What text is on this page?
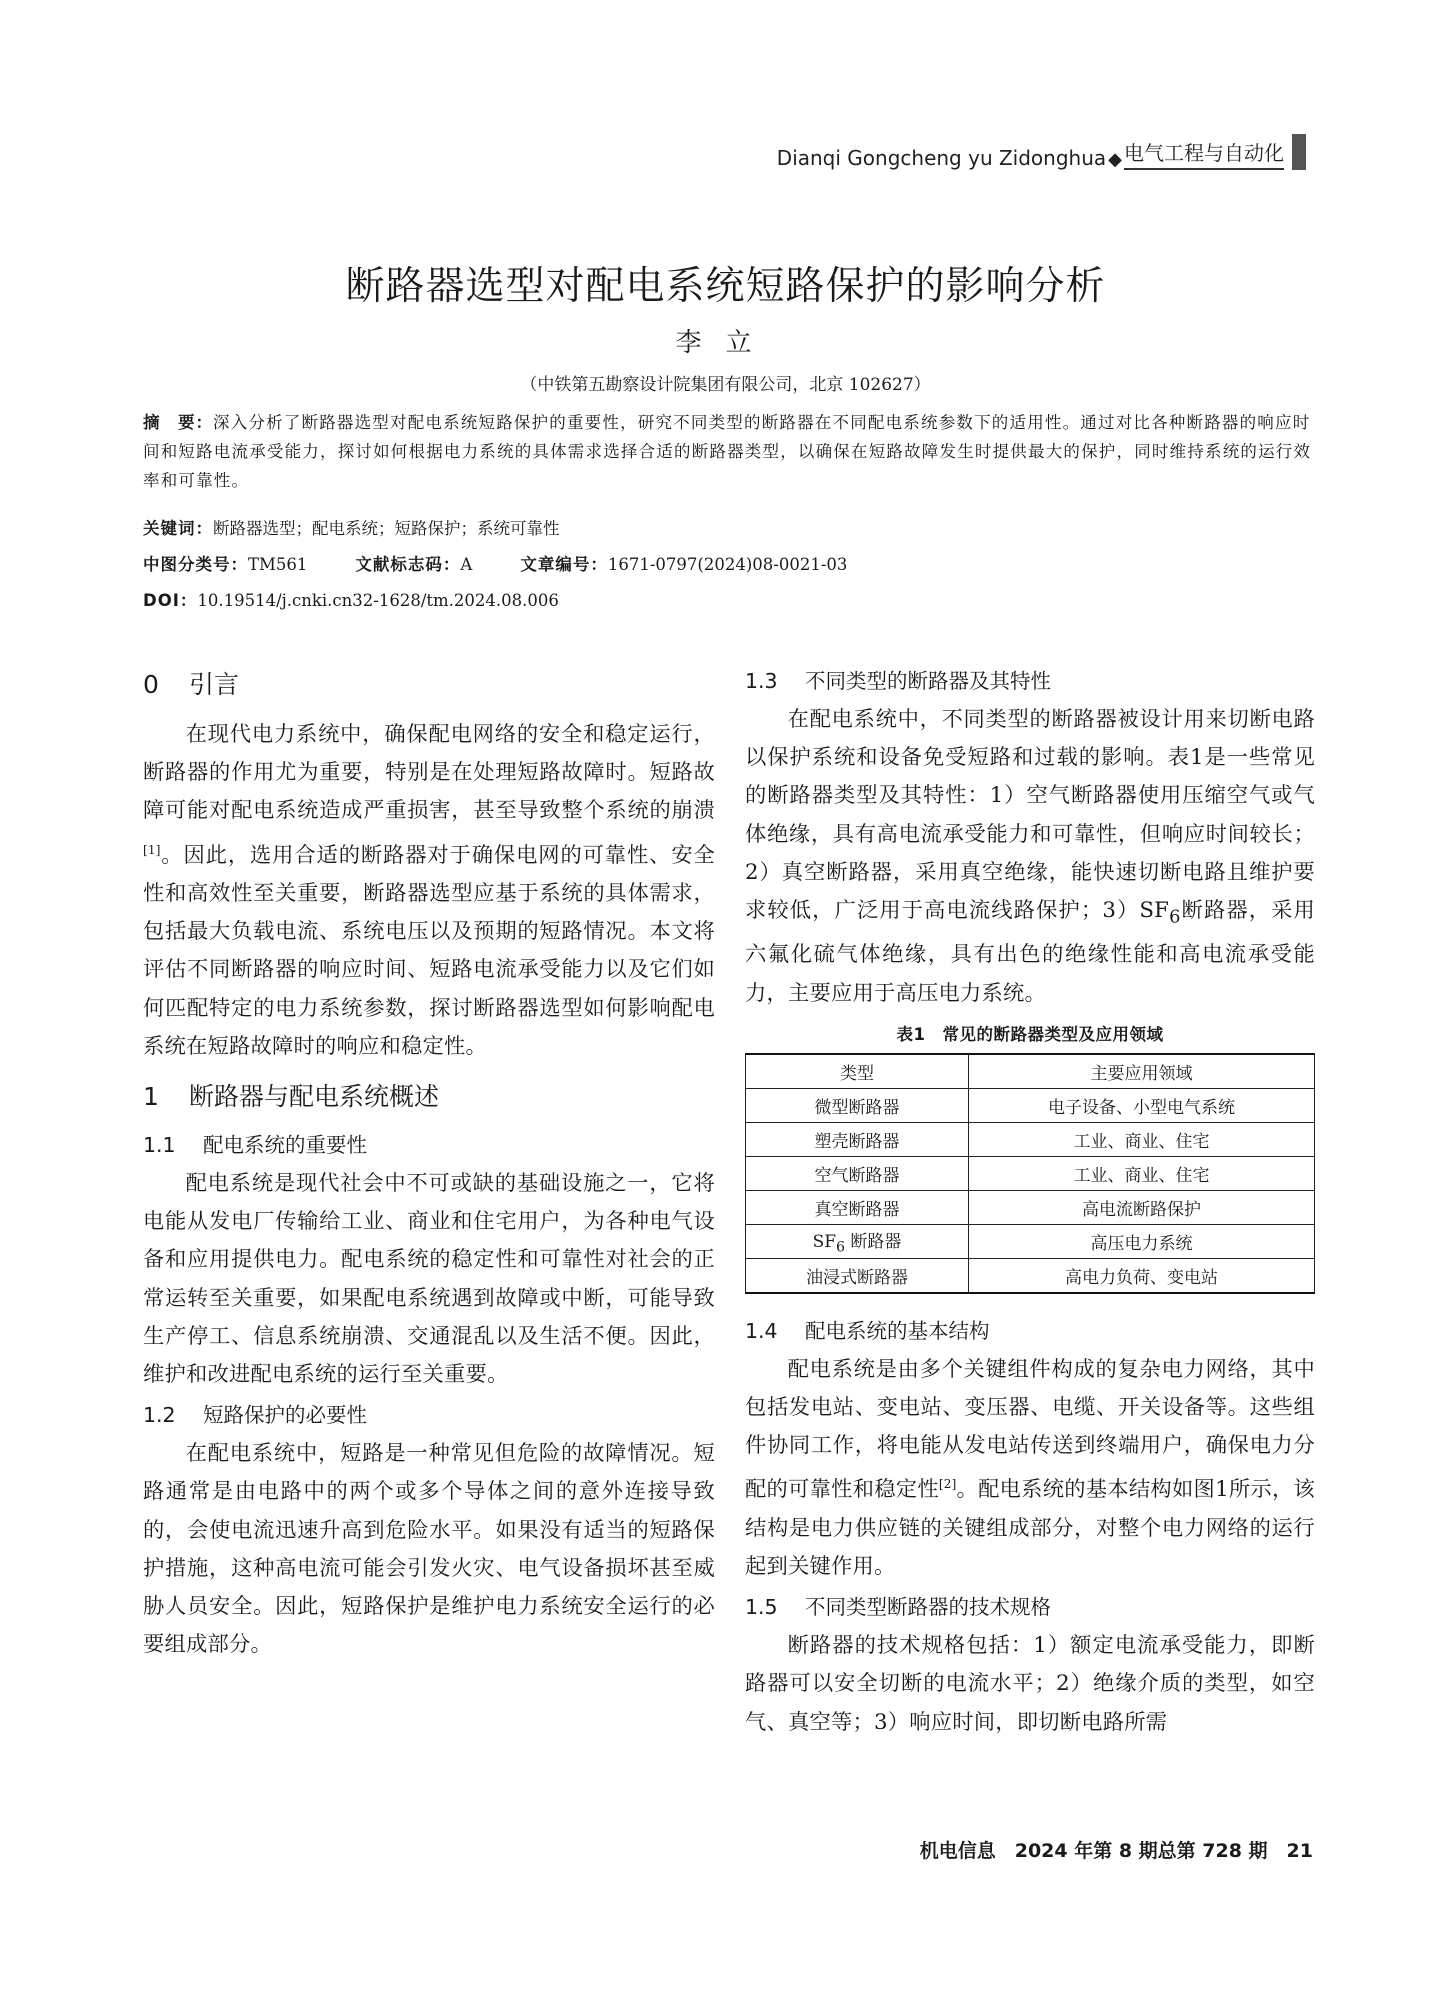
Dianqi Gongcheng yu Zidonghua ◆ 电气工程与自动化
断路器选型对配电系统短路保护的影响分析
李立
（中铁第五勘察设计院集团有限公司，北京 102627）
摘　要：深入分析了断路器选型对配电系统短路保护的重要性，研究不同类型的断路器在不同配电系统参数下的适用性。通过对比各种断路器的响应时间和短路电流承受能力，探讨如何根据电力系统的具体需求选择合适的断路器类型，以确保在短路故障发生时提供最大的保护，同时维持系统的运行效率和可靠性。
关键词：断路器选型；配电系统；短路保护；系统可靠性
中图分类号：TM561	文献标志码：A	文章编号：1671-0797(2024)08-0021-03
DOI：10.19514/j.cnki.cn32-1628/tm.2024.08.006
0 引言

在现代电力系统中，确保配电网络的安全和稳定运行，断路器的作用尤为重要，特别是在处理短路故障时。短路故障可能对配电系统造成严重损害，甚至导致整个系统的崩溃[1]。因此，选用合适的断路器对于确保电网的可靠性、安全性和高效性至关重要，断路器选型应基于系统的具体需求，包括最大负载电流、系统电压以及预期的短路情况。本文将评估不同断路器的响应时间、短路电流承受能力以及它们如何匹配特定的电力系统参数，探讨断路器选型如何影响配电系统在短路故障时的响应和稳定性。

1 断路器与配电系统概述
1.1 配电系统的重要性

配电系统是现代社会中不可或缺的基础设施之一，它将电能从发电厂传输给工业、商业和住宅用户，为各种电气设备和应用提供电力。配电系统的稳定性和可靠性对社会的正常运转至关重要，如果配电系统遇到故障或中断，可能导致生产停工、信息系统崩溃、交通混乱以及生活不便。因此，维护和改进配电系统的运行至关重要。

1.2 短路保护的必要性

在配电系统中，短路是一种常见但危险的故障情况。短路通常是由电路中的两个或多个导体之间的意外连接导致的，会使电流迅速升高到危险水平。如果没有适当的短路保护措施，这种高电流可能会引发火灾、电气设备损坏甚至威胁人员安全。因此，短路保护是维护电力系统安全运行的必要组成部分。

1.3 不同类型的断路器及其特性

在配电系统中，不同类型的断路器被设计用来切断电路以保护系统和设备免受短路和过载的影响。表1是一些常见的断路器类型及其特性：1）空气断路器使用压缩空气或气体绝缘，具有高电流承受能力和可靠性，但响应时间较长；2）真空断路器，采用真空绝缘，能快速切断电路且维护要求较低，广泛用于高电流线路保护；$3)SF_6$断路器，采用六氟化硫气体绝缘，具有出色的绝缘性能和高电流承受能力，主要应用于高压电力系统。

表1　常见的断路器类型及应用领域
类型	主要应用领域
微型断路器	电子设备、小型电气系统
塑壳断路器	工业、商业、住宅
空气断路器	工业、商业、住宅
真空断路器	高电流断路保护
$SF_6$ 断路器	高压电力系统
油浸式断路器	高电力负荷、变电站
1.4 配电系统的基本结构

配电系统是由多个关键组件构成的复杂电力网络，其中包括发电站、变电站、变压器、电缆、开关设备等。这些组件协同工作，将电能从发电站传送到终端用户，确保电力分配的可靠性和稳定性[2]。配电系统的基本结构如图1所示，该结构是电力供应链的关键组成部分，对整个电力网络的运行起到关键作用。

1.5 不同类型断路器的技术规格

断路器的技术规格包括：1）额定电流承受能力，即断路器可以安全切断的电流水平；2）绝缘介质的类型，如空气、真空等；3）响应时间，即切断电路所需

机电信息　2024 年第 8 期总第 728 期　21
